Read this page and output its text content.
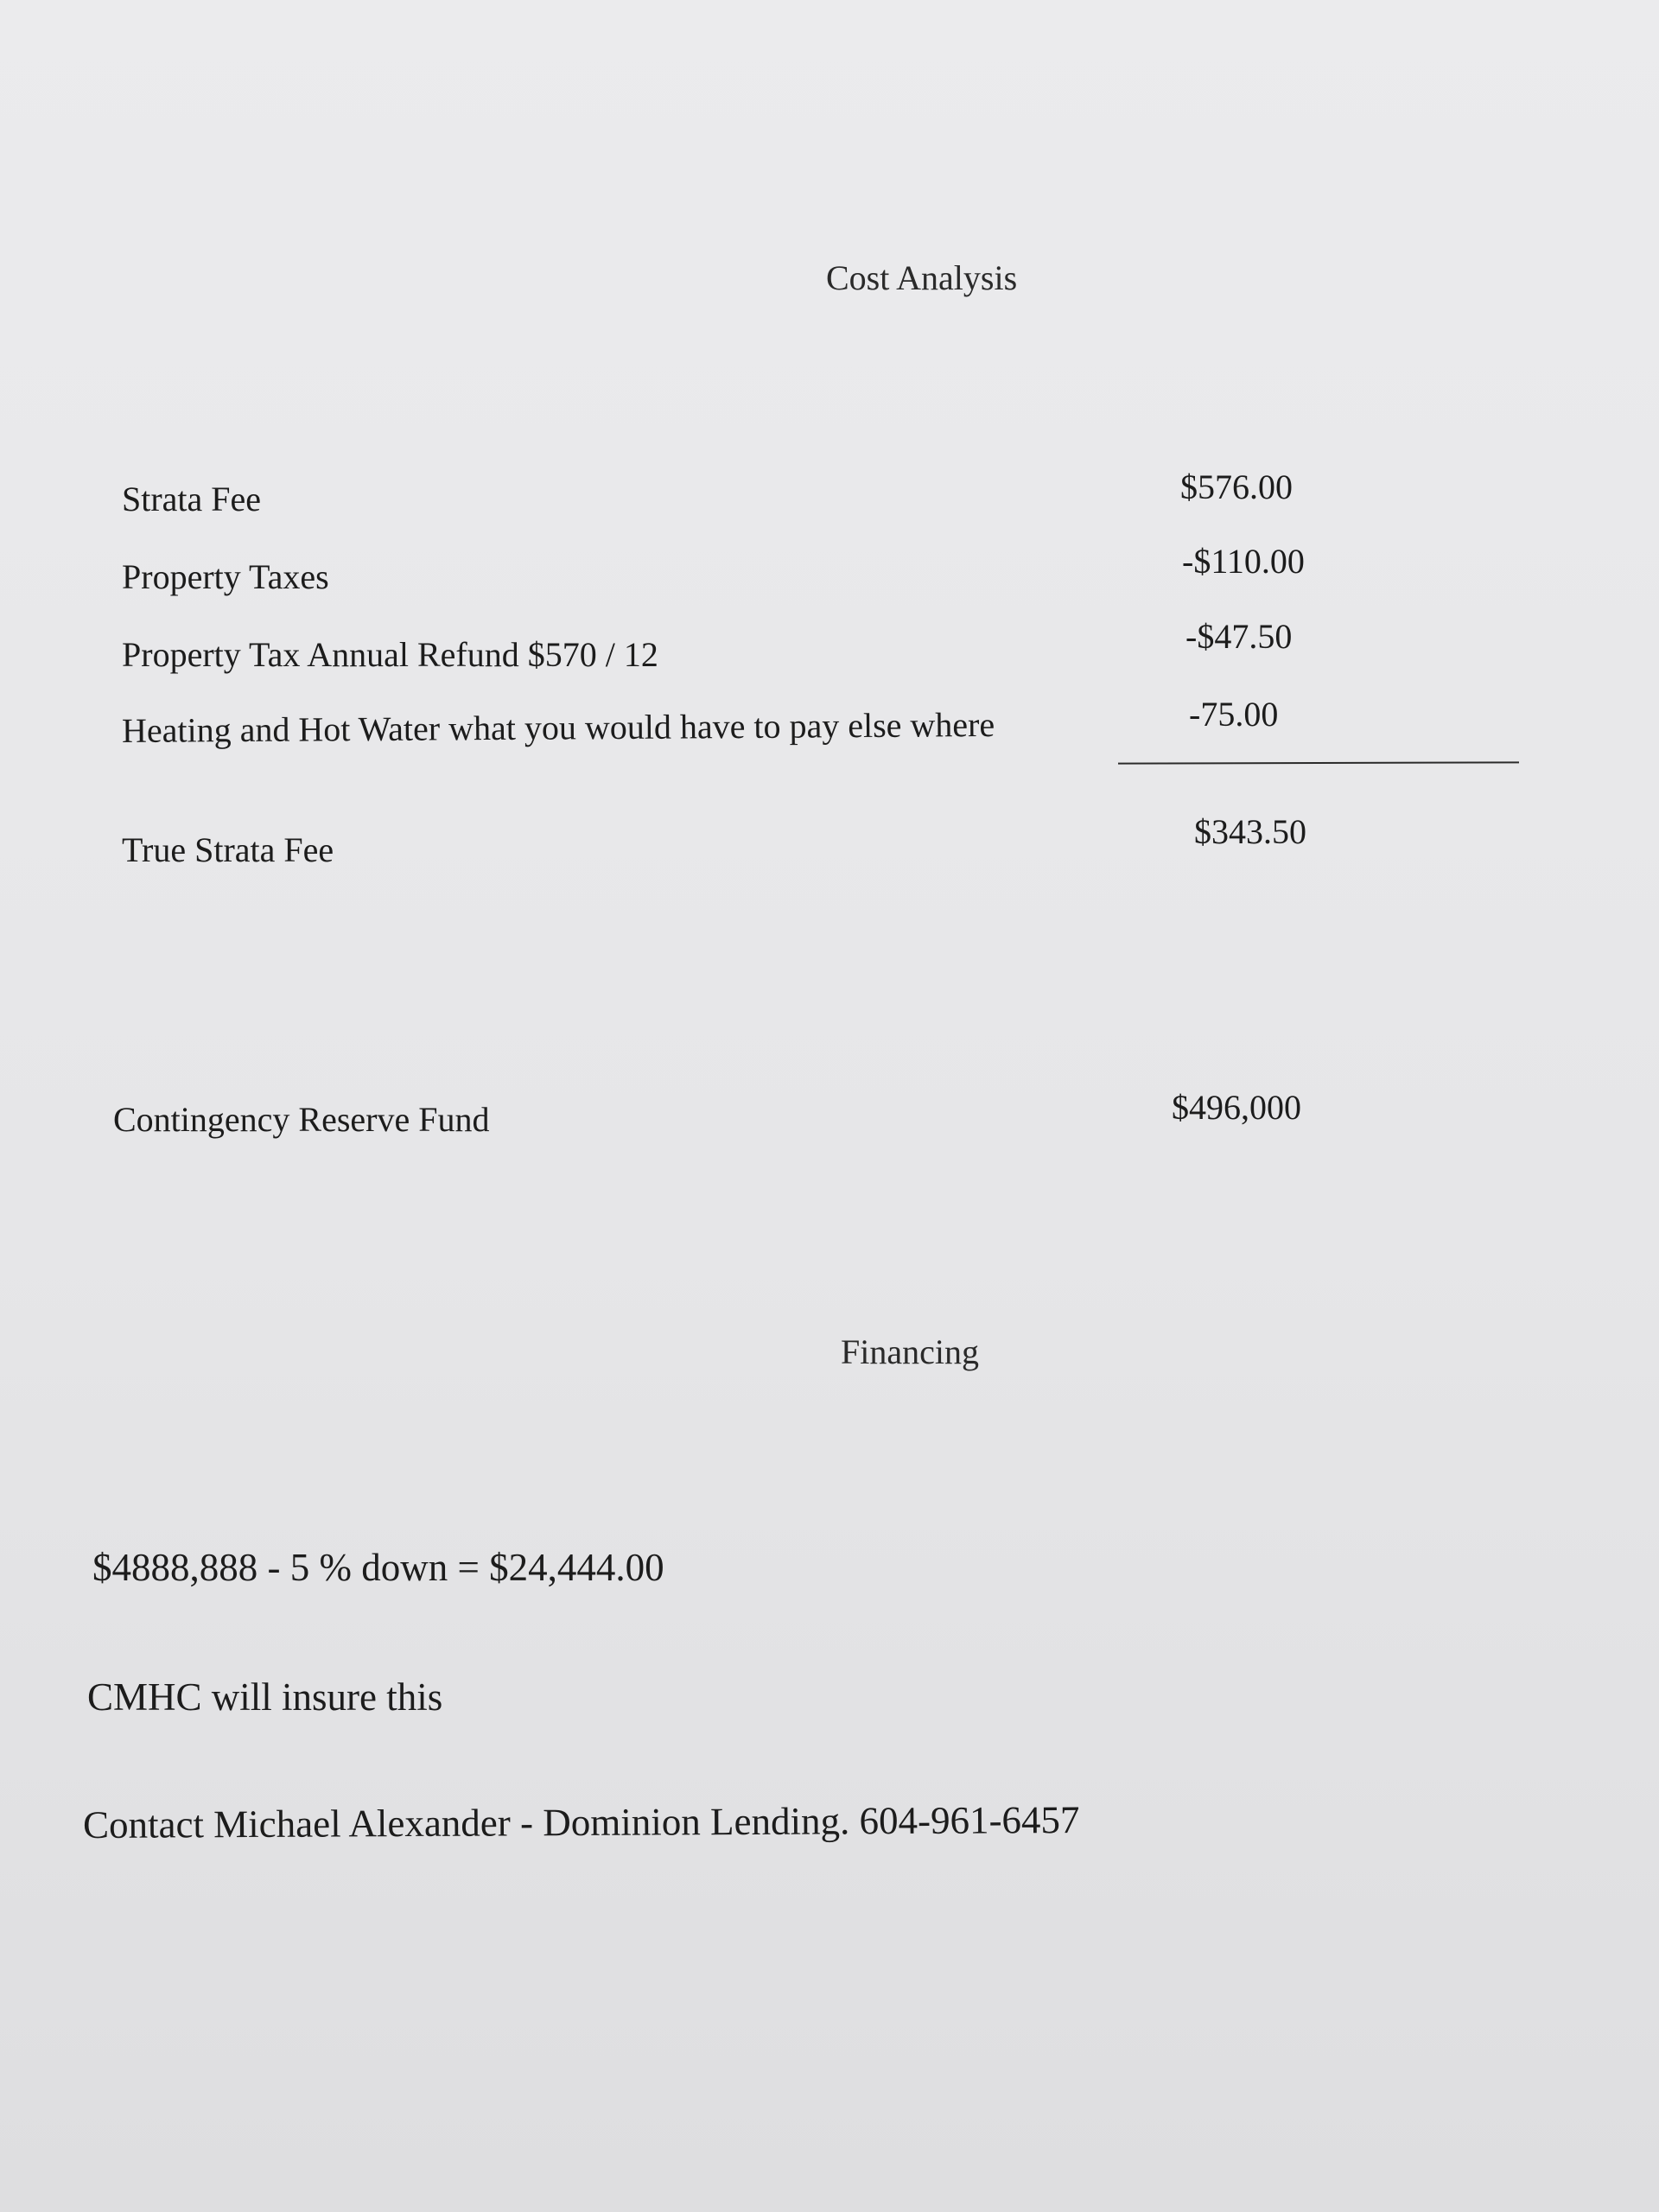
Cost Analysis
Strata Fee	$576.00
Property Taxes	-$110.00
Property Tax Annual Refund $570 / 12	-$47.50
Heating and Hot Water what you would have to pay else where	-75.00
True Strata Fee	$343.50
Contingency Reserve Fund	$496,000
Financing
$4888,888 - 5 % down = $24,444.00
CMHC will insure this
Contact Michael Alexander - Dominion Lending. 604-961-6457
